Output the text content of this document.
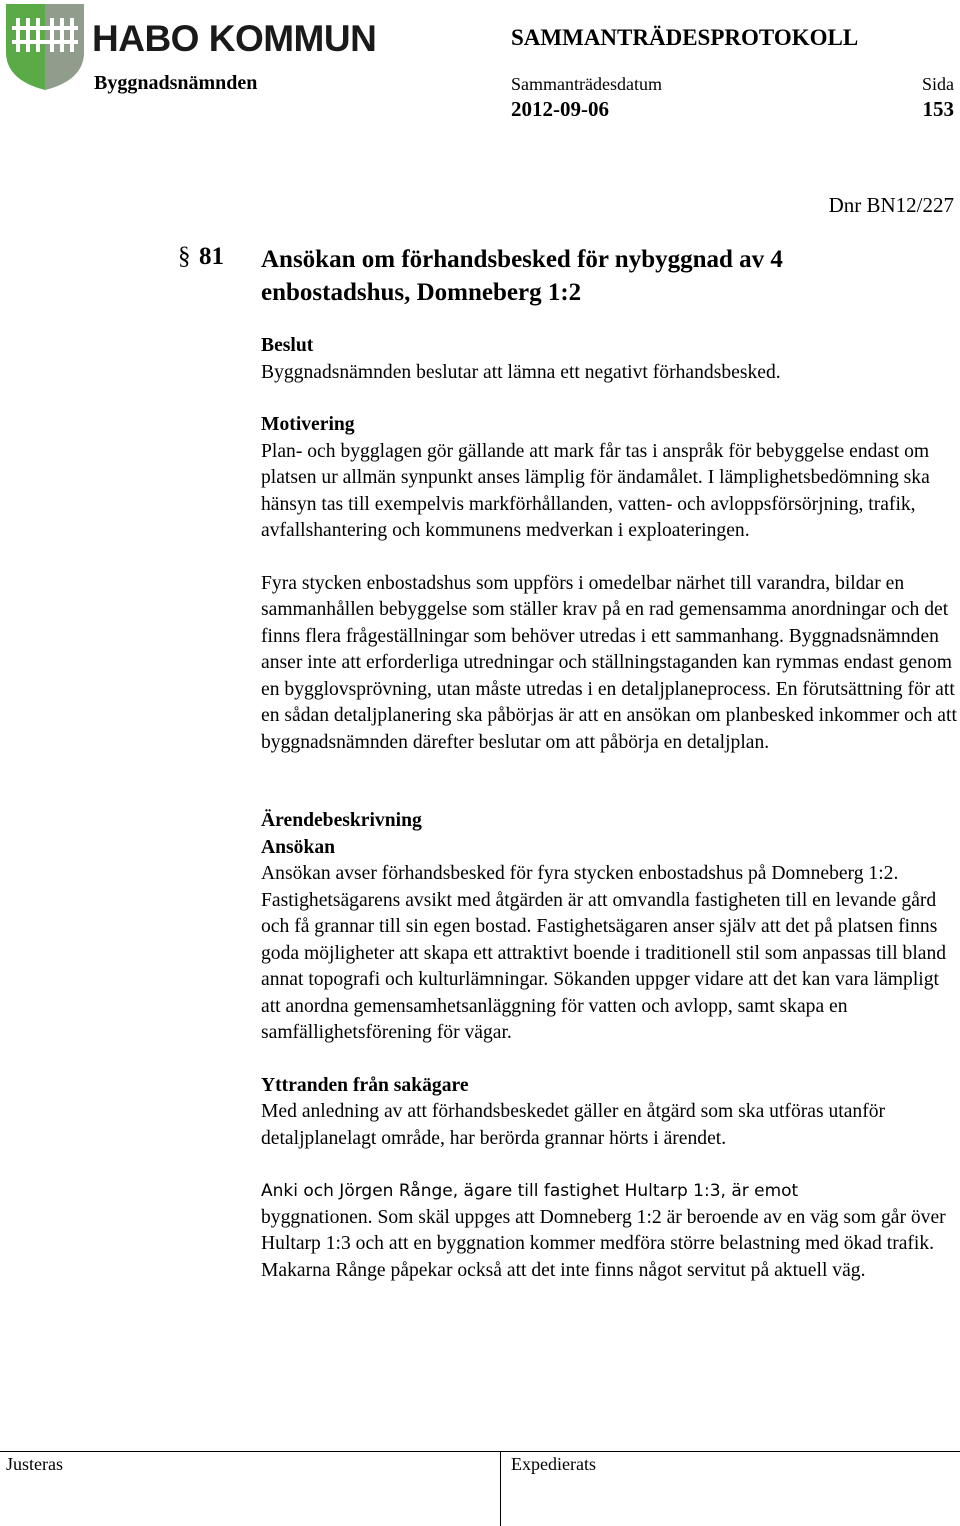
HABO KOMMUN	SAMMANTRÄDESPROTOKOLL
Byggnadsnämnden	Sammanträdesdatum	Sida
2012-09-06	153
Dnr BN12/227
§ 81 Ansökan om förhandsbesked för nybyggnad av 4 enbostadshus, Domneberg 1:2
Beslut

Byggnadsnämnden beslutar att lämna ett negativt förhandsbesked.

Motivering

Plan- och bygglagen gör gällande att mark får tas i anspråk för bebyggelse endast om platsen ur allmän synpunkt anses lämplig för ändamålet. I lämplighetsbedömning ska hänsyn tas till exempelvis markförhållanden, vatten- och avloppsförsörjning, trafik, avfallshantering och kommunens medverkan i exploateringen.

Fyra stycken enbostadshus som uppförs i omedelbar närhet till varandra, bildar en sammanhållen bebyggelse som ställer krav på en rad gemensamma anordningar och det finns flera frågeställningar som behöver utredas i ett sammanhang. Byggnadsnämnden anser inte att erforderliga utredningar och ställningstaganden kan rymmas endast genom en bygglovsprövning, utan måste utredas i en detaljplaneprocess. En förutsättning för att en sådan detaljplanering ska påbörjas är att en ansökan om planbesked inkommer och att byggnadsnämnden därefter beslutar om att påbörja en detaljplan.

Ärendebeskrivning
Ansökan

Ansökan avser förhandsbesked för fyra stycken enbostadshus på Domneberg 1:2. Fastighetsägarens avsikt med åtgärden är att omvandla fastigheten till en levande gård och få grannar till sin egen bostad. Fastighetsägaren anser själv att det på platsen finns goda möjligheter att skapa ett attraktivt boende i traditionell stil som anpassas till bland annat topografi och kulturlämningar. Sökanden uppger vidare att det kan vara lämpligt att anordna gemensamhetsanläggning för vatten och avlopp, samt skapa en samfällighetsförening för vägar.

Yttranden från sakägare

Med anledning av att förhandsbeskedet gäller en åtgärd som ska utföras utanför detaljplanelagt område, har berörda grannar hörts i ärendet.

Anki och Jörgen Rånge, ägare till fastighet Hultarp 1:3, är emot
byggnationen. Som skäl uppges att Domneberg 1:2 är beroende av en väg som går över Hultarp 1:3 och att en byggnation kommer medföra större belastning med ökad trafik. Makarna Rånge påpekar också att det inte finns något servitut på aktuell väg.

Justeras	Expedierats
